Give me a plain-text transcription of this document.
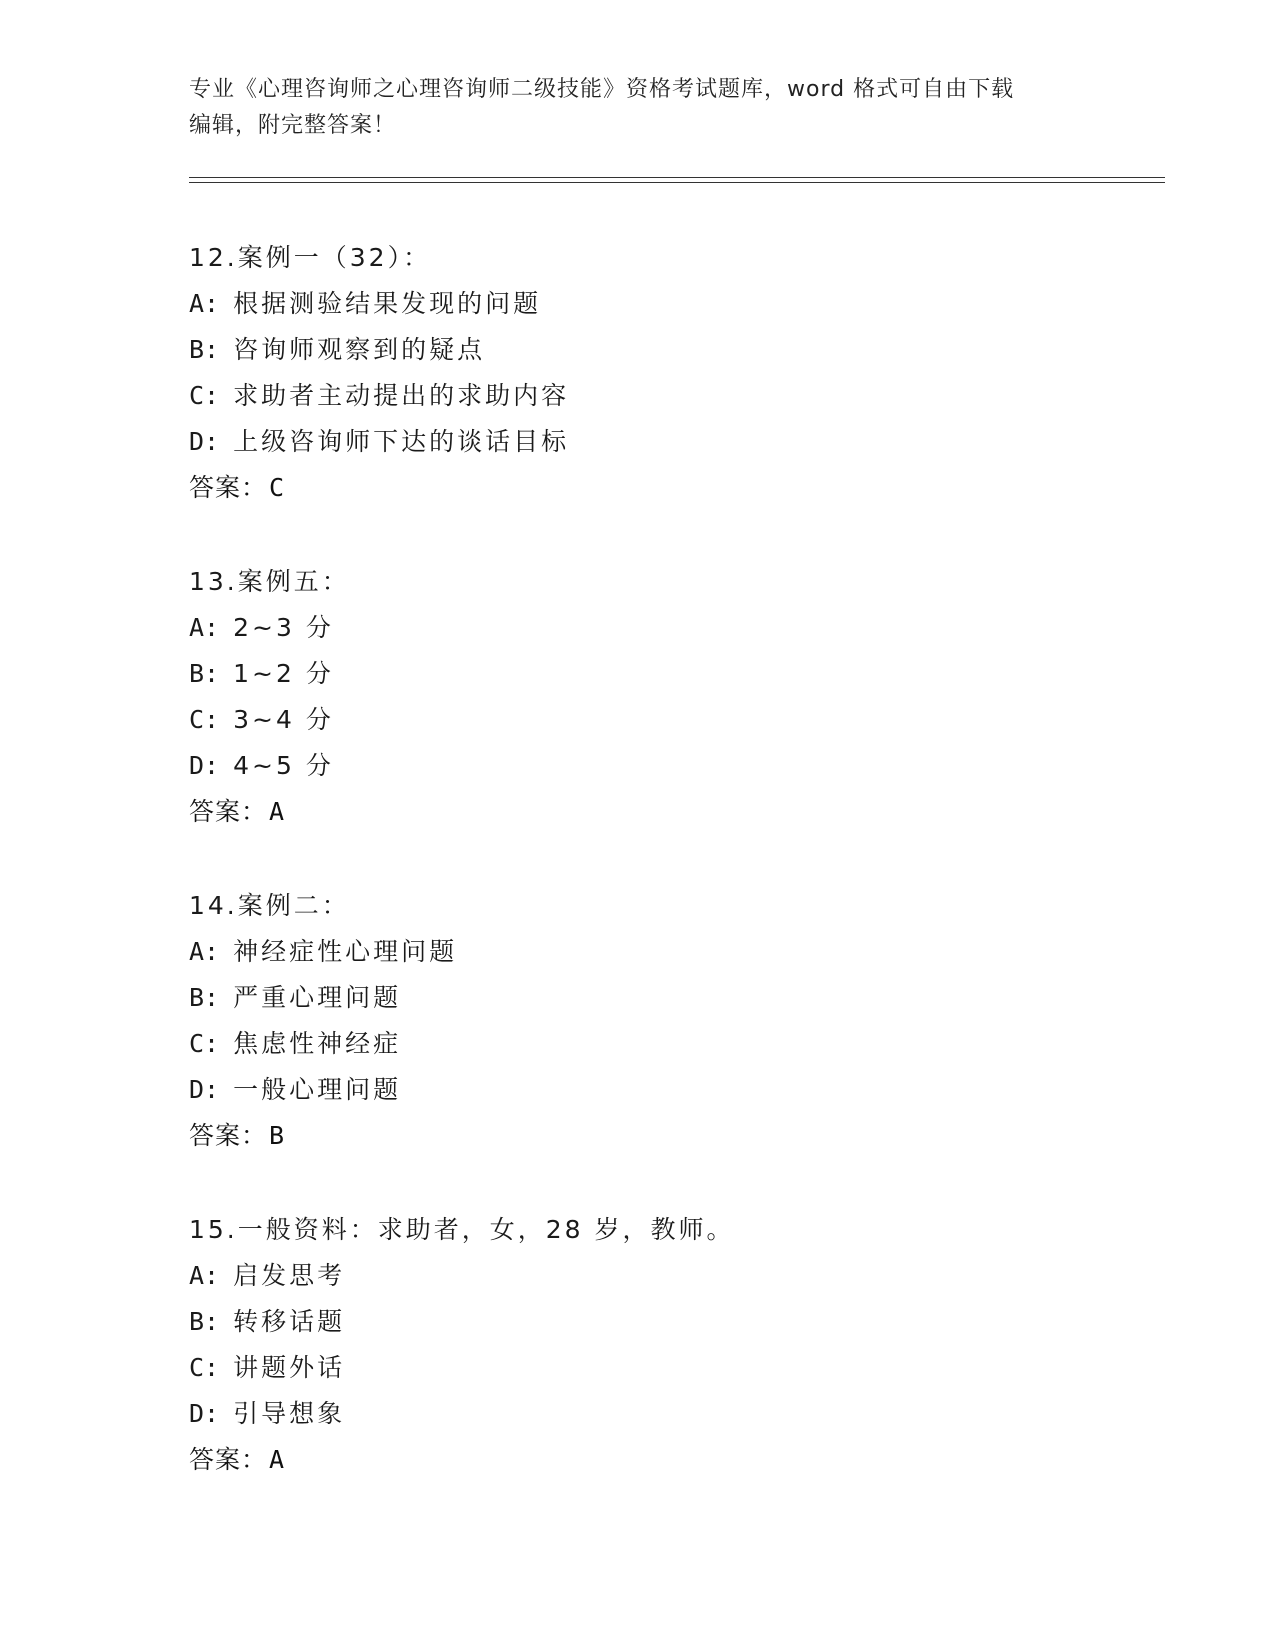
专业《心理咨询师之心理咨询师二级技能》资格考试题库，word 格式可自由下载
编辑，附完整答案！
12.案例一（32）：
A: 根据测验结果发现的问题
B: 咨询师观察到的疑点
C: 求助者主动提出的求助内容
D: 上级咨询师下达的谈话目标
答案：C
13.案例五：
A: 2~3 分
B: 1~2 分
C: 3~4 分
D: 4~5 分
答案：A
14.案例二：
A: 神经症性心理问题
B: 严重心理问题
C: 焦虑性神经症
D: 一般心理问题
答案：B
15.一般资料：求助者，女，28 岁，教师。
A: 启发思考
B: 转移话题
C: 讲题外话
D: 引导想象
答案：A
